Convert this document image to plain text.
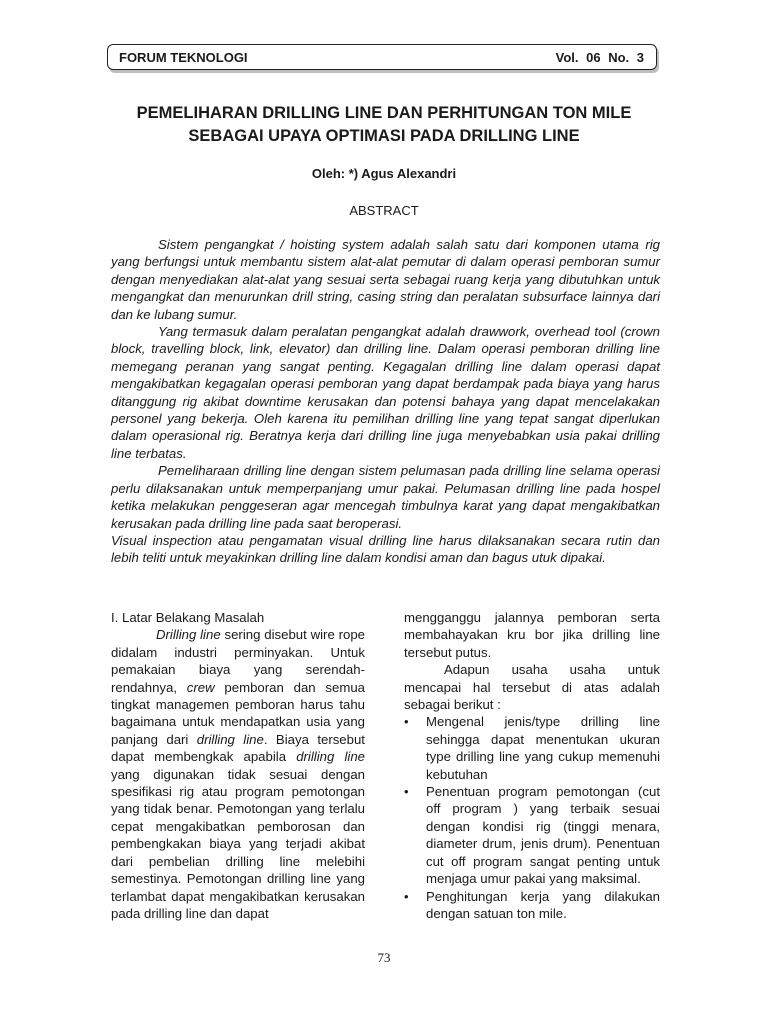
FORUM TEKNOLOGI	Vol. 06 No. 3
PEMELIHARAN DRILLING LINE DAN PERHITUNGAN TON MILE
SEBAGAI UPAYA OPTIMASI PADA DRILLING LINE
Oleh: *) Agus Alexandri
ABSTRACT

Sistem pengangkat / hoisting system adalah salah satu dari komponen utama rig yang berfungsi untuk membantu sistem alat-alat pemutar di dalam operasi pemboran sumur dengan menyediakan alat-alat yang sesuai serta sebagai ruang kerja yang dibutuhkan untuk mengangkat dan menurunkan drill string, casing string dan peralatan subsurface lainnya dari dan ke lubang sumur.

Yang termasuk dalam peralatan pengangkat adalah drawwork, overhead tool (crown block, travelling block, link, elevator) dan drilling line. Dalam operasi pemboran drilling line memegang peranan yang sangat penting. Kegagalan drilling line dalam operasi dapat mengakibatkan kegagalan operasi pemboran yang dapat berdampak pada biaya yang harus ditanggung rig akibat downtime kerusakan dan potensi bahaya yang dapat mencelakakan personel yang bekerja. Oleh karena itu pemilihan drilling line yang tepat sangat diperlukan dalam operasional rig. Beratnya kerja dari drilling line juga menyebabkan usia pakai drilling line terbatas.

Pemeliharaan drilling line dengan sistem pelumasan pada drilling line selama operasi perlu dilaksanakan untuk memperpanjang umur pakai. Pelumasan drilling line pada hospel ketika melakukan penggeseran agar mencegah timbulnya karat yang dapat mengakibatkan kerusakan pada drilling line pada saat beroperasi.

Visual inspection atau pengamatan visual drilling line harus dilaksanakan secara rutin dan lebih teliti untuk meyakinkan drilling line dalam kondisi aman dan bagus utuk dipakai.

I. Latar Belakang Masalah

Drilling line sering disebut wire rope didalam industri perminyakan. Untuk pemakaian biaya yang serendah-rendahnya, crew pemboran dan semua tingkat managemen pemboran harus tahu bagaimana untuk mendapatkan usia yang panjang dari drilling line. Biaya tersebut dapat membengkak apabila drilling line yang digunakan tidak sesuai dengan spesifikasi rig atau program pemotongan yang tidak benar. Pemotongan yang terlalu cepat mengakibatkan pemborosan dan pembengkakan biaya yang terjadi akibat dari pembelian drilling line melebihi semestinya. Pemotongan drilling line yang terlambat dapat mengakibatkan kerusakan pada drilling line dan dapat

mengganggu jalannya pemboran serta membahayakan kru bor jika drilling line tersebut putus.

Adapun usaha usaha untuk mencapai hal tersebut di atas adalah sebagai berikut :

• Mengenal jenis/type drilling line sehingga dapat menentukan ukuran type drilling line yang cukup memenuhi kebutuhan
• Penentuan program pemotongan (cut off program ) yang terbaik sesuai dengan kondisi rig (tinggi menara, diameter drum, jenis drum). Penentuan cut off program sangat penting untuk menjaga umur pakai yang maksimal.
• Penghitungan kerja yang dilakukan dengan satuan ton mile.
73
